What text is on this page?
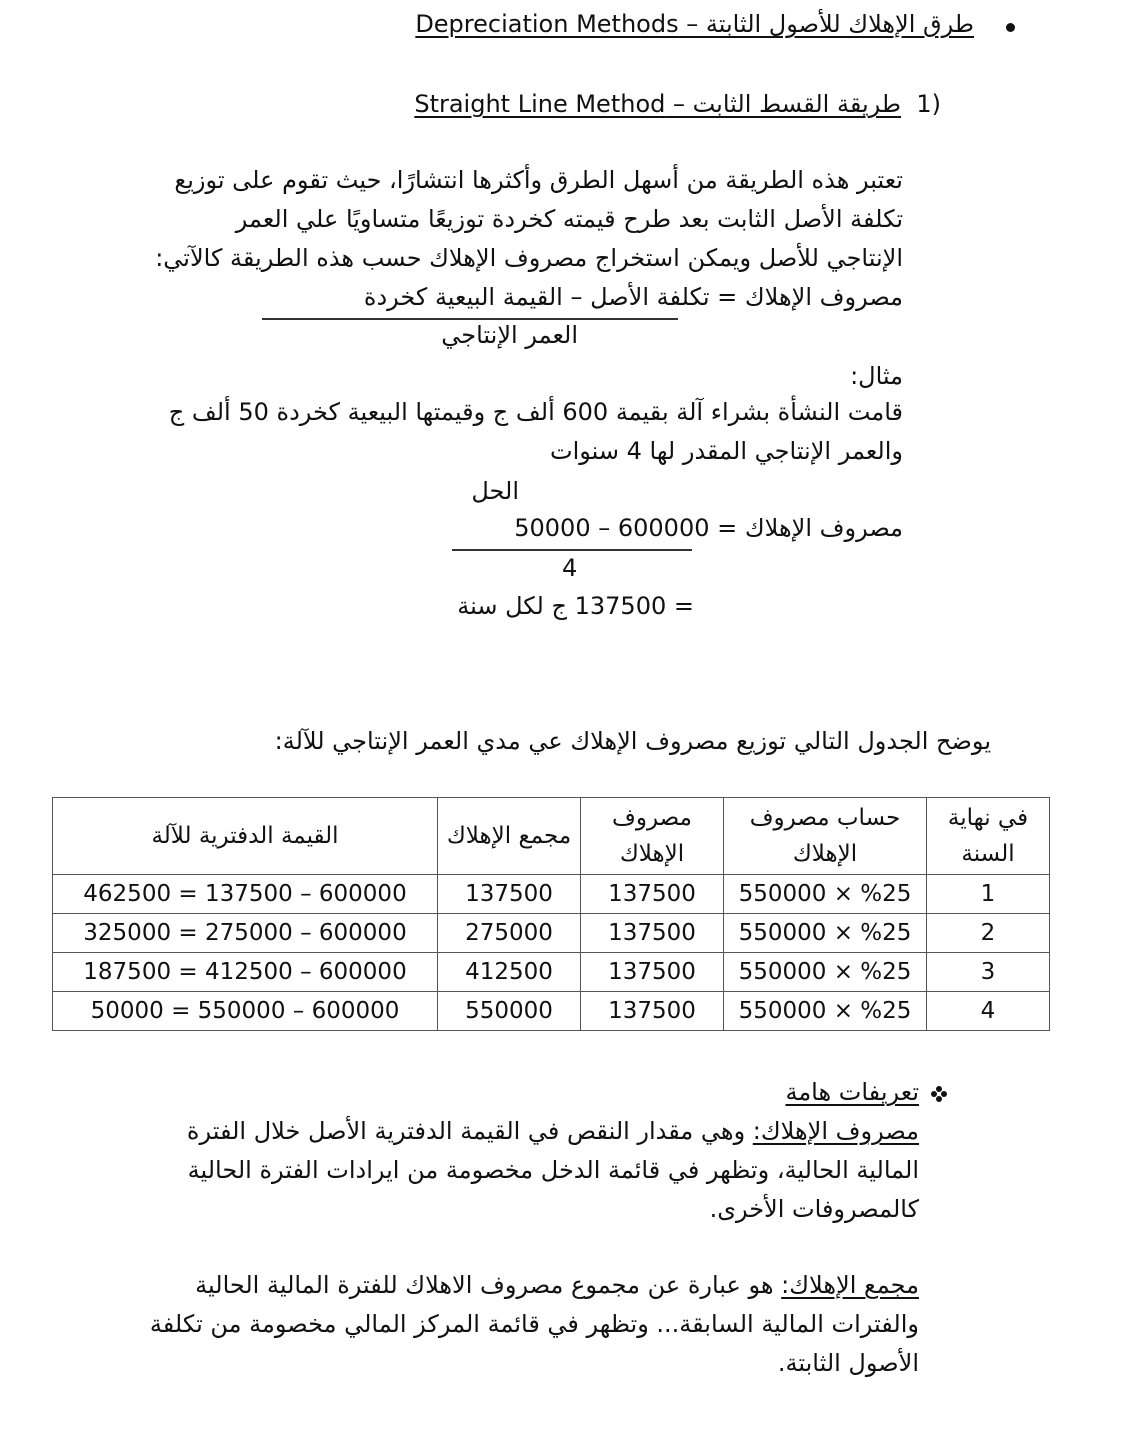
طرق الإهلاك للأصول الثابتة – Depreciation Methods
1)
طريقة القسط الثابت – Straight Line Method
تعتبر هذه الطريقة من أسهل الطرق وأكثرها انتشارًا، حيث تقوم على توزيع
تكلفة الأصل الثابت بعد طرح قيمته كخردة توزيعًا متساويًا علي العمر
الإنتاجي للأصل ويمكن استخراج مصروف الإهلاك حسب هذه الطريقة كالآتي:
مصروف الإهلاك = تكلفة الأصل – القيمة البيعية كخردة
العمر الإنتاجي
مثال:
قامت النشأة بشراء آلة بقيمة 600 ألف ج وقيمتها البيعية كخردة 50 ألف ج
والعمر الإنتاجي المقدر لها 4 سنوات
الحل
مصروف الإهلاك = 600000 – 50000
4
= 137500 ج لكل سنة
يوضح الجدول التالي توزيع مصروف الإهلاك عي مدي العمر الإنتاجي للآلة:
في نهاية السنة	حساب مصروف الإهلاك	مصروف الإهلاك	مجمع الإهلاك	القيمة الدفترية للآلة
1	550000 × %25	137500	137500	462500 = 137500 – 600000
2	550000 × %25	137500	275000	325000 = 275000 – 600000
3	550000 × %25	137500	412500	187500 = 412500 – 600000
4	550000 × %25	137500	550000	50000 = 550000 – 600000
تعريفات هامة
مصروف الإهلاك: وهي مقدار النقص في القيمة الدفترية الأصل خلال الفترة
المالية الحالية، وتظهر في قائمة الدخل مخصومة من ايرادات الفترة الحالية
كالمصروفات الأخرى.
مجمع الإهلاك: هو عبارة عن مجموع مصروف الاهلاك للفترة المالية الحالية
والفترات المالية السابقة... وتظهر في قائمة المركز المالي مخصومة من تكلفة
الأصول الثابتة.
